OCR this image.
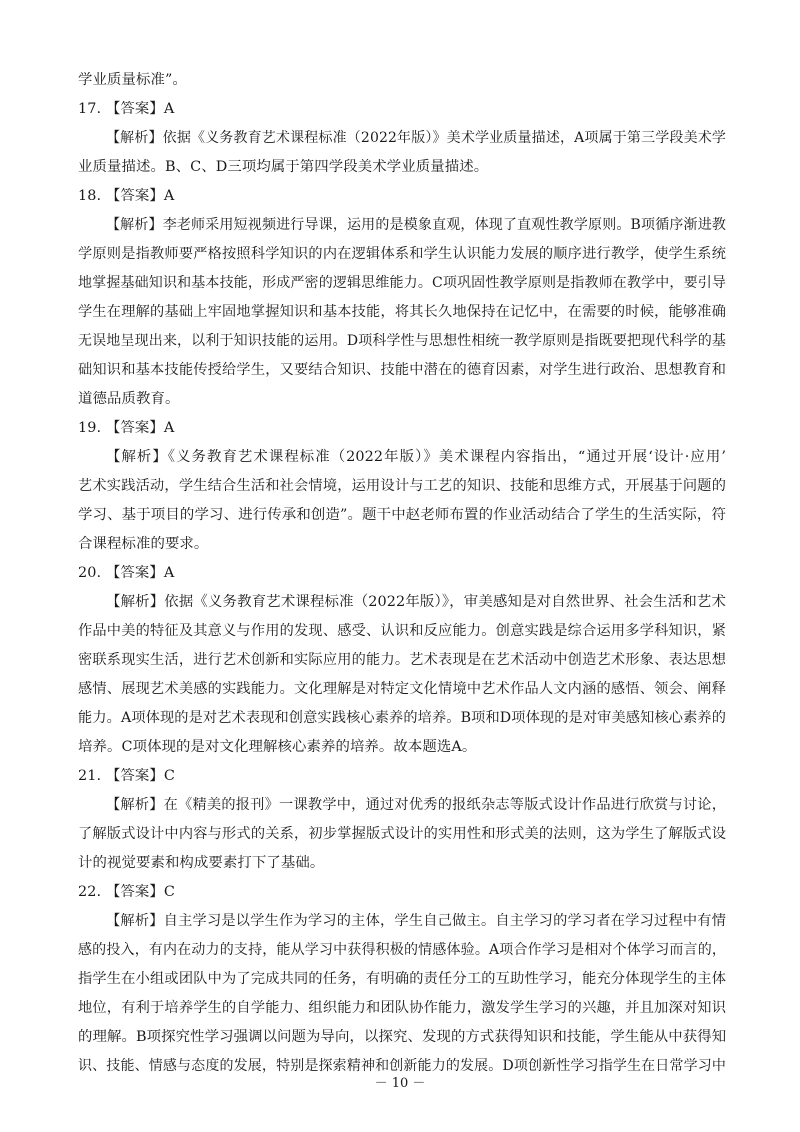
学业质量标准”。
17. 【答案】A
【解析】依据《义务教育艺术课程标准（2022年版）》美术学业质量描述，A项属于第三学段美术学
业质量描述。B、C、D三项均属于第四学段美术学业质量描述。
18. 【答案】A
【解析】李老师采用短视频进行导课，运用的是模象直观，体现了直观性教学原则。B项循序渐进教
学原则是指教师要严格按照科学知识的内在逻辑体系和学生认识能力发展的顺序进行教学，使学生系统
地掌握基础知识和基本技能，形成严密的逻辑思维能力。C项巩固性教学原则是指教师在教学中，要引导
学生在理解的基础上牢固地掌握知识和基本技能，将其长久地保持在记忆中，在需要的时候，能够准确
无误地呈现出来，以利于知识技能的运用。D项科学性与思想性相统一教学原则是指既要把现代科学的基
础知识和基本技能传授给学生，又要结合知识、技能中潜在的德育因素，对学生进行政治、思想教育和
道德品质教育。
19. 【答案】A
【解析】《义务教育艺术课程标准（2022年版）》美术课程内容指出，“通过开展‘设计·应用’
艺术实践活动，学生结合生活和社会情境，运用设计与工艺的知识、技能和思维方式，开展基于问题的
学习、基于项目的学习、进行传承和创造”。题干中赵老师布置的作业活动结合了学生的生活实际，符
合课程标准的要求。
20. 【答案】A
【解析】依据《义务教育艺术课程标准（2022年版）》，审美感知是对自然世界、社会生活和艺术
作品中美的特征及其意义与作用的发现、感受、认识和反应能力。创意实践是综合运用多学科知识，紧
密联系现实生活，进行艺术创新和实际应用的能力。艺术表现是在艺术活动中创造艺术形象、表达思想
感情、展现艺术美感的实践能力。文化理解是对特定文化情境中艺术作品人文内涵的感悟、领会、阐释
能力。A项体现的是对艺术表现和创意实践核心素养的培养。B项和D项体现的是对审美感知核心素养的
培养。C项体现的是对文化理解核心素养的培养。故本题选A。
21. 【答案】C
【解析】在《精美的报刊》一课教学中，通过对优秀的报纸杂志等版式设计作品进行欣赏与讨论，
了解版式设计中内容与形式的关系，初步掌握版式设计的实用性和形式美的法则，这为学生了解版式设
计的视觉要素和构成要素打下了基础。
22. 【答案】C
【解析】自主学习是以学生作为学习的主体，学生自己做主。自主学习的学习者在学习过程中有情
感的投入，有内在动力的支持，能从学习中获得积极的情感体验。A项合作学习是相对个体学习而言的，
指学生在小组或团队中为了完成共同的任务，有明确的责任分工的互助性学习，能充分体现学生的主体
地位，有利于培养学生的自学能力、组织能力和团队协作能力，激发学生学习的兴趣，并且加深对知识
的理解。B项探究性学习强调以问题为导向，以探究、发现的方式获得知识和技能，学生能从中获得知
识、技能、情感与态度的发展，特别是探索精神和创新能力的发展。D项创新性学习指学生在日常学习中
－ 10 －
